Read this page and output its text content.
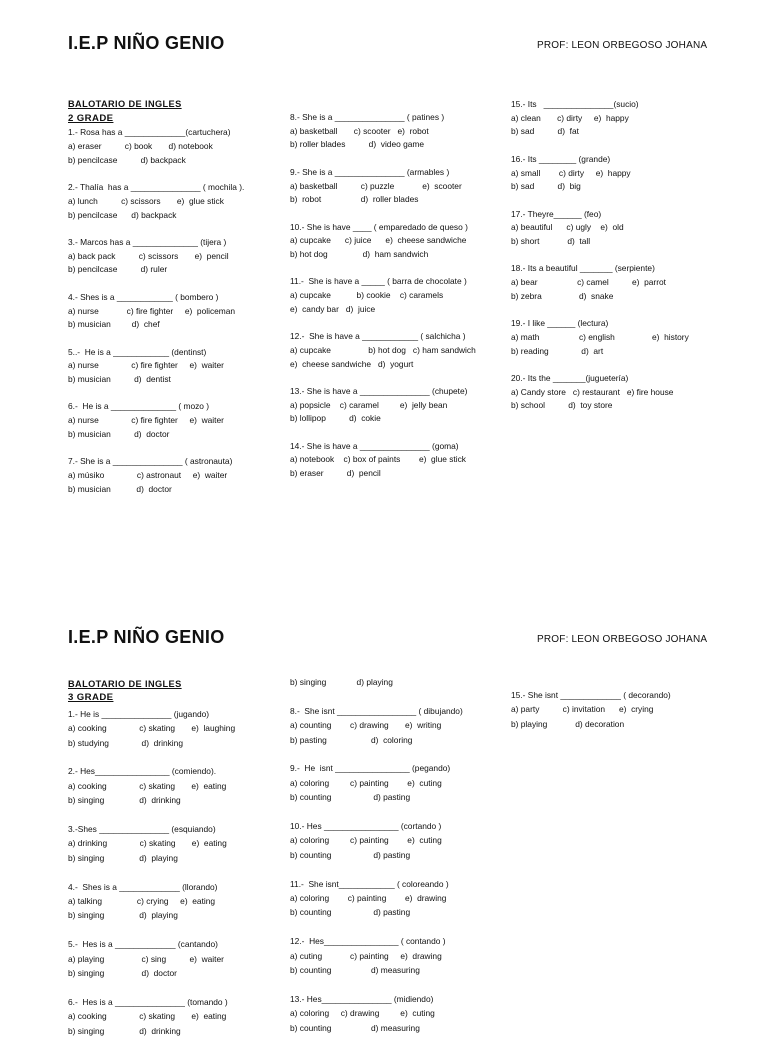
I.E.P NIÑO GENIO	PROF: LEON ORBEGOSO JOHANA
BALOTARIO DE INGLES
2 GRADE
1.- Rosa has a _____________(cartuchera)
a) eraser          c) book       d) notebook
b) pencilcase          d) backpack
2.- Thalía  has a _______________ ( mochila ).
a) lunch          c) scissors       e)  glue stick
b) pencilcase      d) backpack
3.- Marcos has a ______________ (tijera )
a) back pack          c) scissors       e)  pencil
b) pencilcase          d) ruler
4.- Shes is a ____________ ( bombero )
a) nurse            c) fire fighter     e)  policeman
b) musician         d)  chef
5..-  He is a ____________ (dentinst)
a) nurse              c) fire fighter     e)  waiter
b) musician          d)  dentist
6.-  He is a ______________ ( mozo )
a) nurse              c) fire fighter     e)  waiter
b) musician          d)  doctor
7.- She is a _______________ ( astronauta)
a) músiko              c) astronaut     e)  waiter
b) musician           d)  doctor
8.- She is a _______________ ( patines )
a) basketball       c) scooter   e)  robot
b) roller blades          d)  video game
9.- She is a _______________ (armables )
a) basketball          c) puzzle            e)  scooter
b)  robot                 d)  roller blades
10.- She is have ____ ( emparedado de queso )
a) cupcake      c) juice      e)  cheese sandwiche
b) hot dog               d)  ham sandwich
11.-  She is have a _____ ( barra de chocolate )
a) cupcake           b) cookie    c) caramels
e)  candy bar   d)  juice
12.-  She is have a ____________ ( salchicha )
a) cupcake                b) hot dog   c) ham sandwich
e)  cheese sandwiche   d)  yogurt
13.- She is have a _______________ (chupete)
a) popsicle    c) caramel         e)  jelly bean
b) lollipop          d)  cokie
14.- She is have a _______________ (goma)
a) notebook    c) box of paints        e)  glue stick
b) eraser          d)  pencil
15.- Its   _______________(sucio)
a) clean       c) dirty     e)  happy
b) sad          d)  fat
16.- Its ________ (grande)
a) small        c) dirty     e)  happy
b) sad          d)  big
17.- Theyre______ (feo)
a) beautiful      c) ugly    e)  old
b) short            d)  tall
18.- Its a beautiful _______ (serpiente)
a) bear                 c) camel          e)  parrot
b) zebra                d)  snake
19.- I like ______ (lectura)
a) math                 c) english                e)  history
b) reading              d)  art
20.- Its the _______(juguetería)
a) Candy store   c) restaurant   e) fire house
b) school          d)  toy store
I.E.P NIÑO GENIO	PROF: LEON ORBEGOSO JOHANA
BALOTARIO DE INGLES
3 GRADE
1.- He is _______________ (jugando)
a) cooking              c) skating       e)  laughing
b) studying              d)  drinking
2.- Hes________________ (comiendo).
a) cooking              c) skating       e)  eating
b) singing               d)  drinking
3.-Shes _______________ (esquiando)
a) drinking              c) skating       e)  eating
b) singing               d)  playing
4.-  Shes is a _____________ (llorando)
a) talking               c) crying     e)  eating
b) singing               d)  playing
5.-  Hes is a _____________ (cantando)
a) playing                c) sing          e)  waiter
b) singing                d)  doctor
6.-  Hes is a _______________ (tomando )
a) cooking              c) skating       e)  eating
b) singing               d)  drinking
b) singing             d) playing
8.-  She isnt _________________ ( dibujando)
a) counting        c) drawing       e)  writing
b) pasting                   d)  coloring
9.-  He  isnt ________________ (pegando)
a) coloring         c) painting        e)  cuting
b) counting                  d) pasting
10.- Hes ________________ (cortando )
a) coloring         c) painting        e)  cuting
b) counting                  d) pasting
11.-  She isnt____________ ( coloreando )
a) coloring        c) painting        e)  drawing
b) counting                  d) pasting
12.-  Hes________________ ( contando )
a) cuting            c) painting     e)  drawing
b) counting                 d) measuring
13.- Hes_______________ (midiendo)
a) coloring     c) drawing         e)  cuting
b) counting                 d) measuring
15.- She isnt _____________ ( decorando)
a) party          c) invitation      e)  crying
b) playing            d) decoration
